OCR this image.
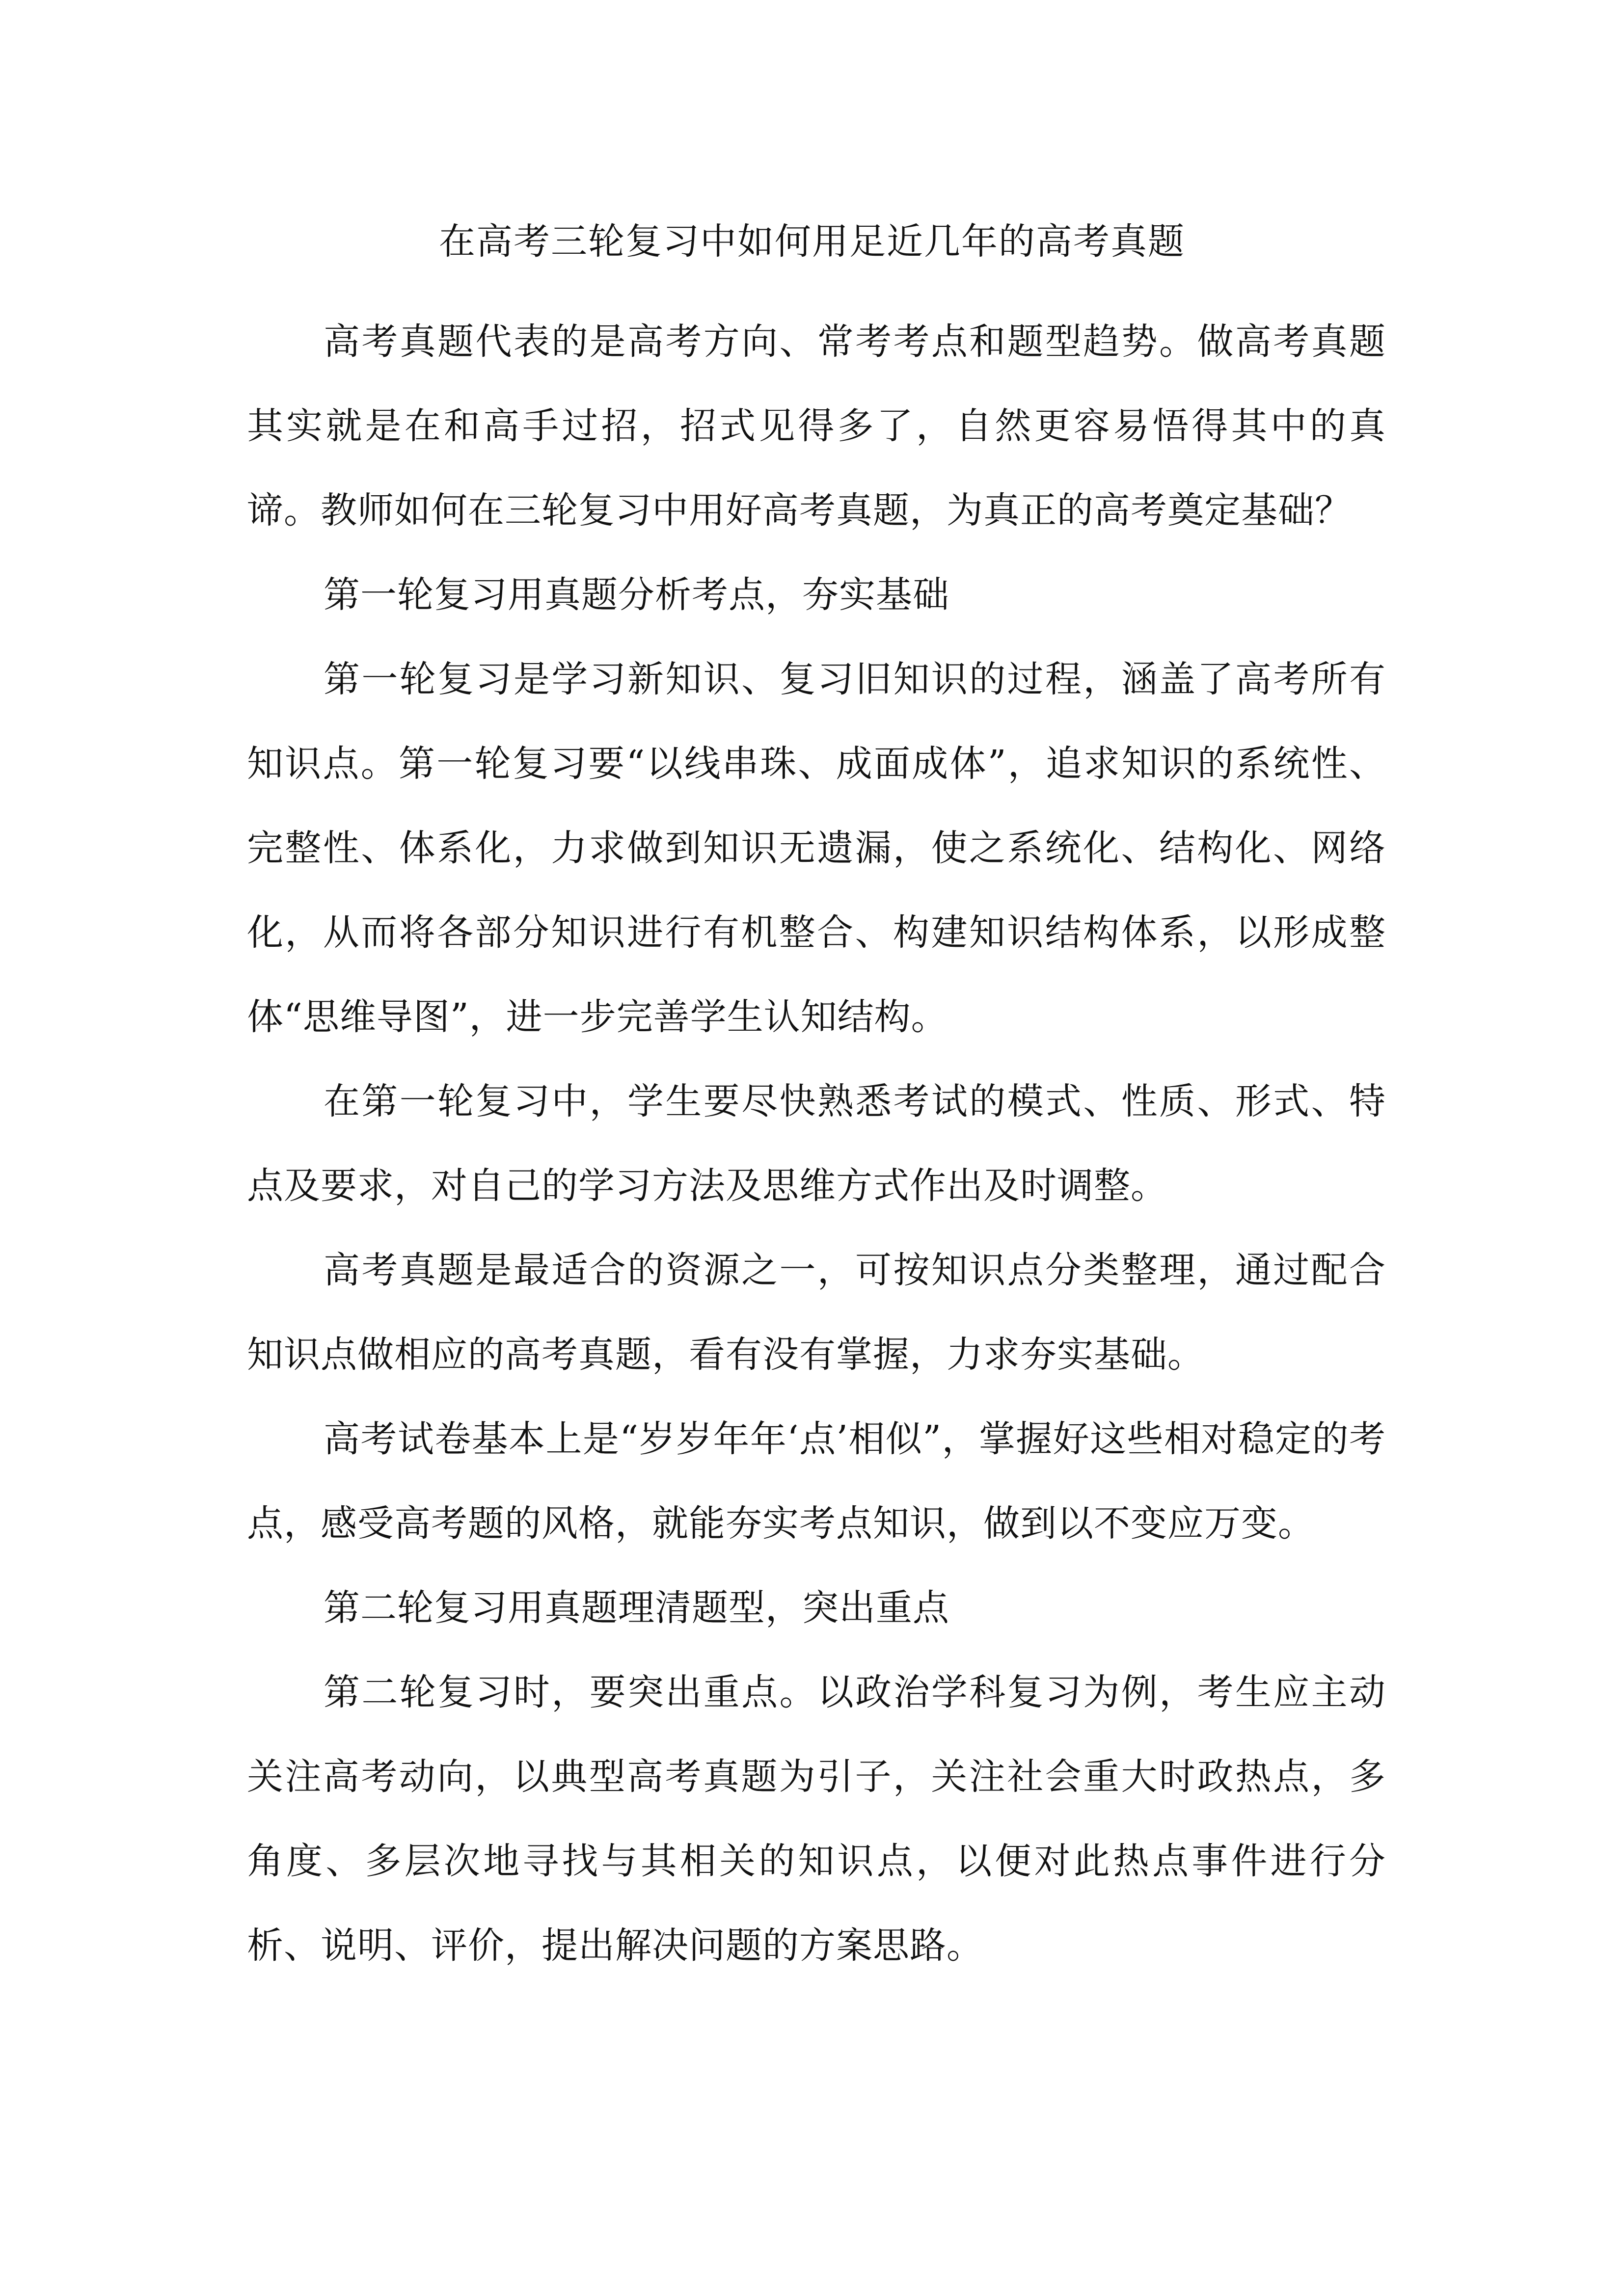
在高考三轮复习中如何用足近几年的高考真题

高考真题代表的是高考方向、常考考点和题型趋势。做高考真题其实就是在和高手过招，招式见得多了，自然更容易悟得其中的真谛。教师如何在三轮复习中用好高考真题，为真正的高考奠定基础？

第一轮复习用真题分析考点，夯实基础

第一轮复习是学习新知识、复习旧知识的过程，涵盖了高考所有知识点。第一轮复习要“以线串珠、成面成体”，追求知识的系统性、完整性、体系化，力求做到知识无遗漏，使之系统化、结构化、网络化，从而将各部分知识进行有机整合、构建知识结构体系，以形成整体“思维导图”，进一步完善学生认知结构。

在第一轮复习中，学生要尽快熟悉考试的模式、性质、形式、特点及要求，对自己的学习方法及思维方式作出及时调整。

高考真题是最适合的资源之一，可按知识点分类整理，通过配合知识点做相应的高考真题，看有没有掌握，力求夯实基础。

高考试卷基本上是“岁岁年年‘点’相似”，掌握好这些相对稳定的考点，感受高考题的风格，就能夯实考点知识，做到以不变应万变。

第二轮复习用真题理清题型，突出重点

第二轮复习时，要突出重点。以政治学科复习为例，考生应主动关注高考动向，以典型高考真题为引子，关注社会重大时政热点，多角度、多层次地寻找与其相关的知识点，以便对此热点事件进行分析、说明、评价，提出解决问题的方案思路。
